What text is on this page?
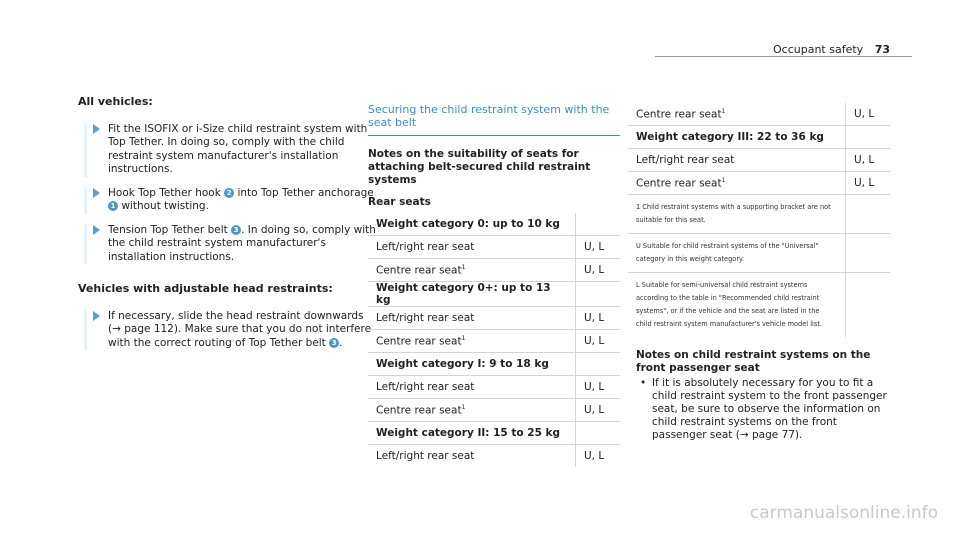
Occupant safety 73
All vehicles:
Fit the ISOFIX or i-Size child restraint system with Top Tether. In doing so, comply with the child restraint system manufacturer's installation instructions.
Hook Top Tether hook 2 into Top Tether anchorage 1 without twisting.
Tension Top Tether belt 3 . In doing so, comply with the child restraint system manufacturer's installation instructions.
Vehicles with adjustable head restraints:
If necessary, slide the head restraint downwards (→ page 112). Make sure that you do not interfere with the correct routing of Top Tether belt 3 .
Securing the child restraint system with the seat belt
Notes on the suitability of seats for attaching belt-secured child restraint systems
Rear seats
Weight category 0: up to 10 kg	
Left/right rear seat	U, L
Centre rear seat$^1$	U, L
Weight category 0+: up to 13 kg	
Left/right rear seat	U, L
Centre rear seat$^1$	U, L
Weight category I: 9 to 18 kg	
Left/right rear seat	U, L
Centre rear seat$^1$	U, L
Weight category II: 15 to 25 kg	
Left/right rear seat	U, L
Centre rear seat$^1$	U, L
Weight category III: 22 to 36 kg	
Left/right rear seat	U, L
Centre rear seat$^1$	U, L
1 Child restraint systems with a supporting bracket are not suitable for this seat.	
U Suitable for child restraint systems of the "Universal" category in this weight category.	
L Suitable for semi-universal child restraint systems according to the table in "Recommended child restraint systems", or if the vehicle and the seat are listed in the child restraint system manufacturer's vehicle model list.	
Notes on child restraint systems on the front passenger seat
• If it is absolutely necessary for you to fit a child restraint system to the front passenger seat, be sure to observe the information on child restraint systems on the front passenger seat (→ page 77).
carmanualsonline.info
